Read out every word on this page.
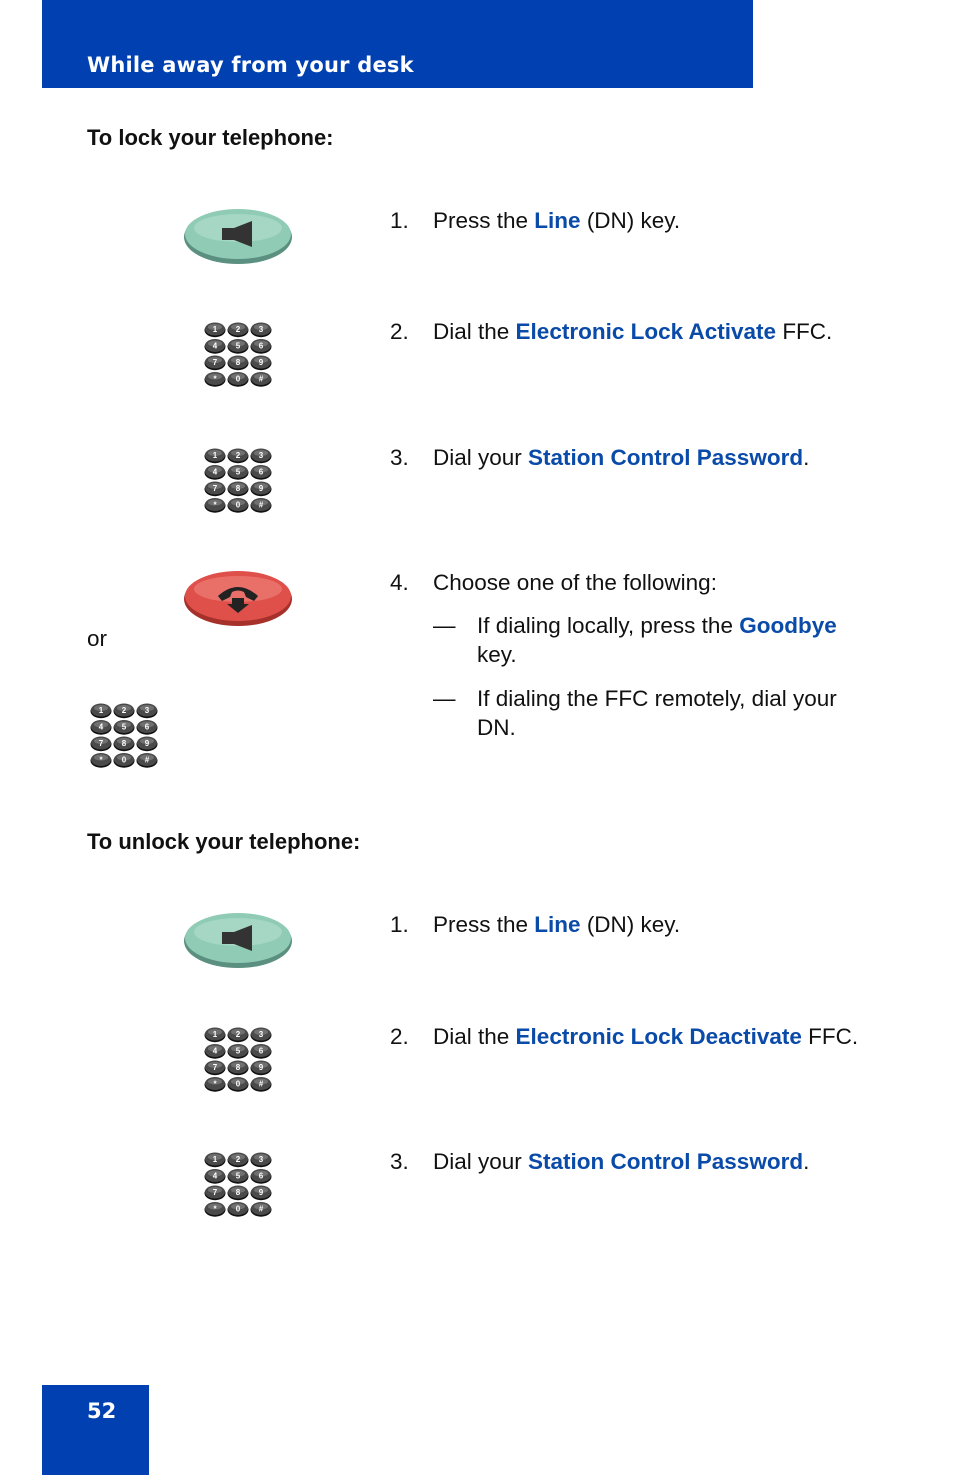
While away from your desk
To lock your telephone:
1. Press the Line (DN) key.
1 2 3
4 5 6
7 8 9
* 0 #
2. Dial the Electronic Lock Activate FFC.
1 2 3
4 5 6
7 8 9
* 0 #
3. Dial your Station Control Password.
4. Choose one of the following:
or
— If dialing locally, press the Goodbye key.
— If dialing the FFC remotely, dial your DN.
1 2 3
4 5 6
7 8 9
* 0 #
To unlock your telephone:
1. Press the Line (DN) key.
1 2 3
4 5 6
7 8 9
* 0 #
2. Dial the Electronic Lock Deactivate FFC.
1 2 3
4 5 6
7 8 9
* 0 #
3. Dial your Station Control Password.
52
